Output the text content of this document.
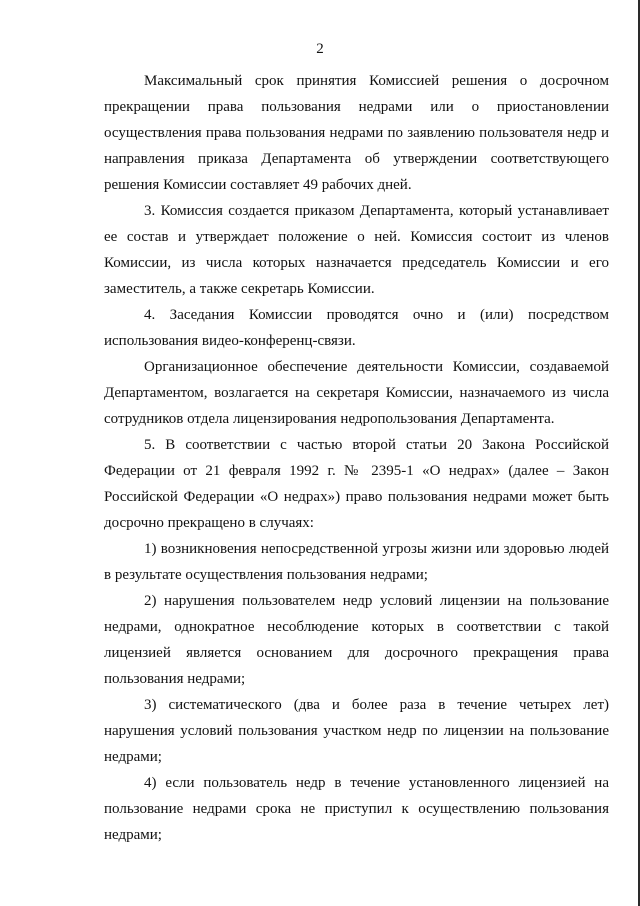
2

Максимальный срок принятия Комиссией решения о досрочном прекращении права пользования недрами или о приостановлении осуществления права пользования недрами по заявлению пользователя недр и направления приказа Департамента об утверждении соответствующего решения Комиссии составляет 49 рабочих дней.

3. Комиссия создается приказом Департамента, который устанавливает ее состав и утверждает положение о ней. Комиссия состоит из членов Комиссии, из числа которых назначается председатель Комиссии и его заместитель, а также секретарь Комиссии.

4. Заседания Комиссии проводятся очно и (или) посредством использования видео-конференц-связи.

Организационное обеспечение деятельности Комиссии, создаваемой Департаментом, возлагается на секретаря Комиссии, назначаемого из числа сотрудников отдела лицензирования недропользования Департамента.

5. В соответствии с частью второй статьи 20 Закона Российской Федерации от 21 февраля 1992 г. № 2395-1 «О недрах» (далее – Закон Российской Федерации «О недрах») право пользования недрами может быть досрочно прекращено в случаях:

1) возникновения непосредственной угрозы жизни или здоровью людей в результате осуществления пользования недрами;

2) нарушения пользователем недр условий лицензии на пользование недрами, однократное несоблюдение которых в соответствии с такой лицензией является основанием для досрочного прекращения права пользования недрами;

3) систематического (два и более раза в течение четырех лет) нарушения условий пользования участком недр по лицензии на пользование недрами;

4) если пользователь недр в течение установленного лицензией на пользование недрами срока не приступил к осуществлению пользования недрами;
